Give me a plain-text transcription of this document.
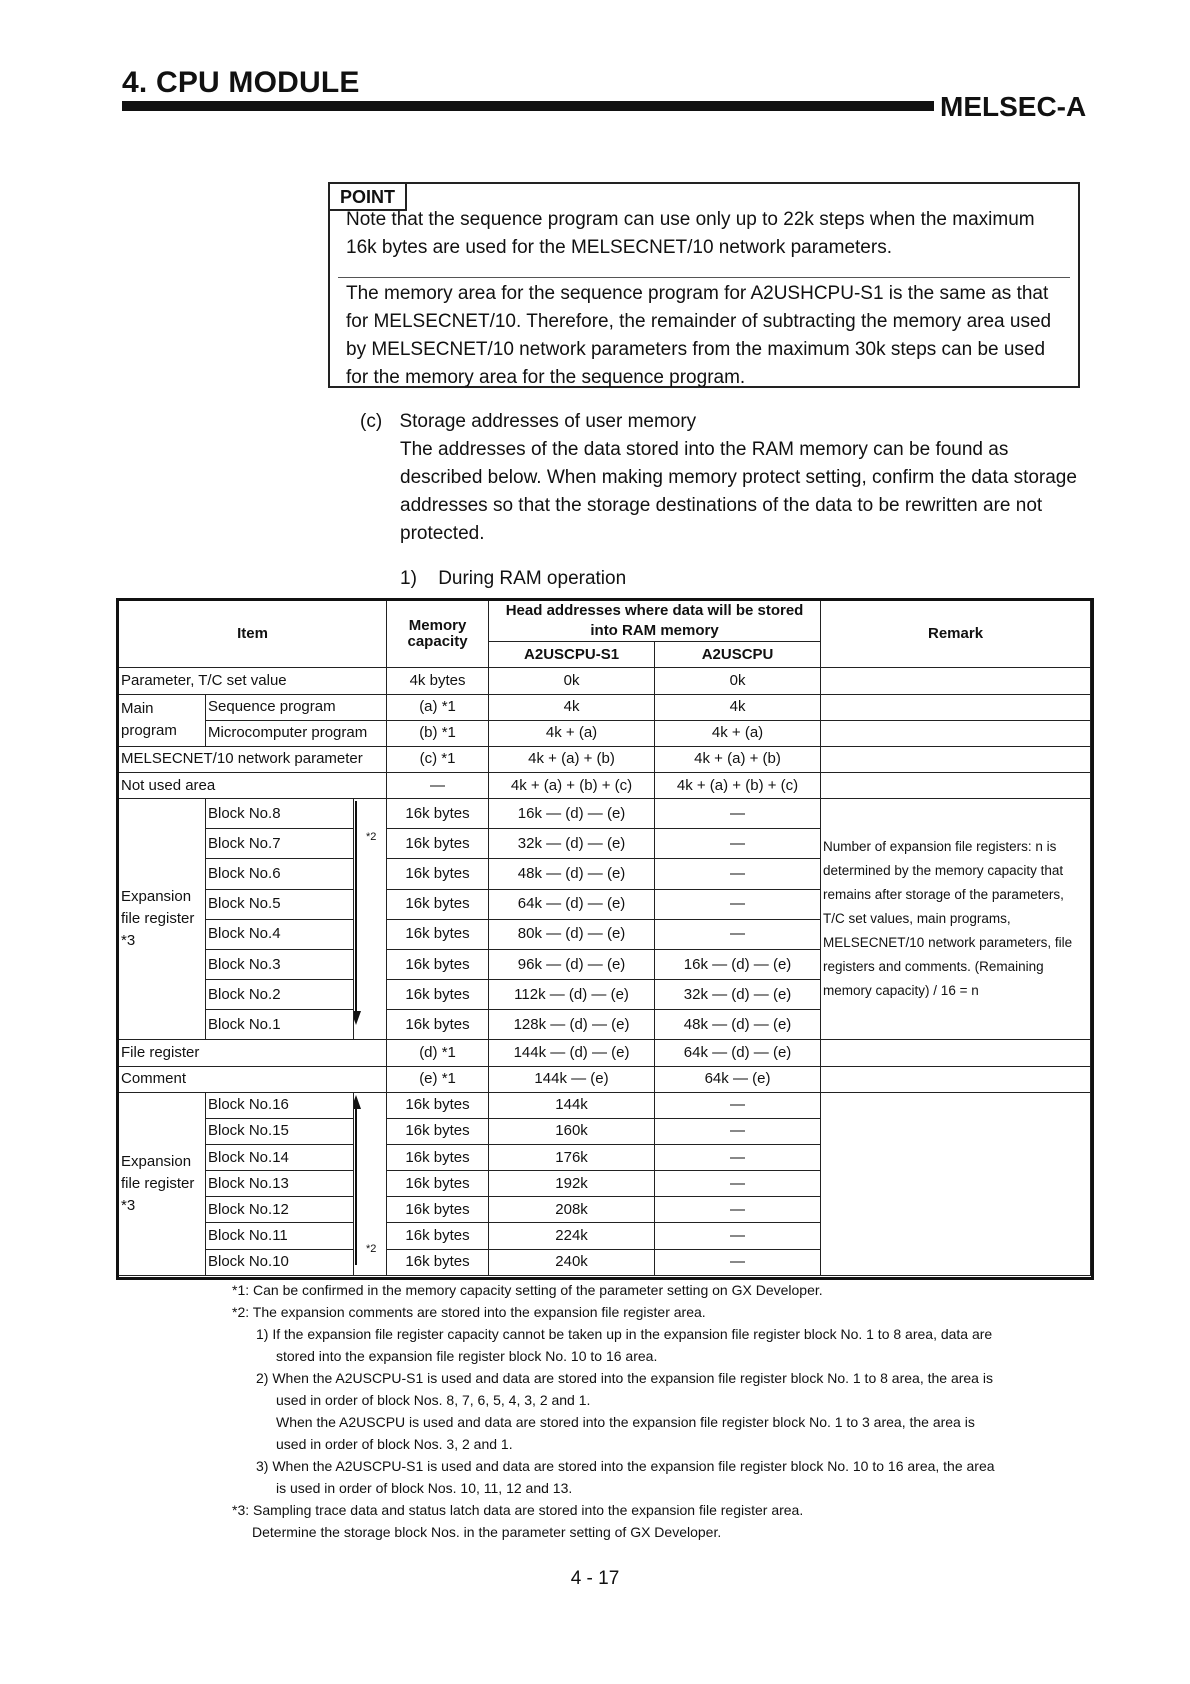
4. CPU MODULE
MELSEC-A
POINT
Note that the sequence program can use only up to 22k steps when the maximum 16k bytes are used for the MELSECNET/10 network parameters.
The memory area for the sequence program for A2USHCPU-S1 is the same as that for MELSECNET/10. Therefore, the remainder of subtracting the memory area used by MELSECNET/10 network parameters from the maximum 30k steps can be used for the memory area for the sequence program.
(c) Storage addresses of user memory
The addresses of the data stored into the RAM memory can be found as described below. When making memory protect setting, confirm the data storage addresses so that the storage destinations of the data to be rewritten are not protected.
1) During RAM operation
Item			Memory capacity	Head addresses where data will be stored into RAM memory		Remark
				A2USCPU-S1	A2USCPU	
Parameter, T/C set value			4k bytes	0k	0k	
Main program	Sequence program		(a) *1	4k	4k	
	Microcomputer program		(b) *1	4k + (a)	4k + (a)	
MELSECNET/10 network parameter			(c) *1	4k + (a) + (b)	4k + (a) + (b)	
Not used area			—	4k + (a) + (b) + (c)	4k + (a) + (b) + (c)	
Expansion file register *3	Block No.8	*2	16k bytes	16k — (d) — (e)	—	Number of expansion file registers: n is determined by the memory capacity that remains after storage of the parameters, T/C set values, main programs, MELSECNET/10 network parameters, file registers and comments. (Remaining memory capacity) / 16 = n
	Block No.7		16k bytes	32k — (d) — (e)	—	
	Block No.6		16k bytes	48k — (d) — (e)	—	
	Block No.5		16k bytes	64k — (d) — (e)	—	
	Block No.4		16k bytes	80k — (d) — (e)	—	
	Block No.3		16k bytes	96k — (d) — (e)	16k — (d) — (e)	
	Block No.2		16k bytes	112k — (d) — (e)	32k — (d) — (e)	
	Block No.1		16k bytes	128k — (d) — (e)	48k — (d) — (e)	
File register			(d) *1	144k — (d) — (e)	64k — (d) — (e)	
Comment			(e) *1	144k — (e)	64k — (e)	
Expansion file register *3	Block No.16	*2	16k bytes	144k	—	
	Block No.15		16k bytes	160k	—	
	Block No.14		16k bytes	176k	—	
	Block No.13		16k bytes	192k	—	
	Block No.12		16k bytes	208k	—	
	Block No.11		16k bytes	224k	—	
	Block No.10		16k bytes	240k	—	
*1: Can be confirmed in the memory capacity setting of the parameter setting on GX Developer.
*2: The expansion comments are stored into the expansion file register area.
1) If the expansion file register capacity cannot be taken up in the expansion file register block No. 1 to 8 area, data are
stored into the expansion file register block No. 10 to 16 area.
2) When the A2USCPU-S1 is used and data are stored into the expansion file register block No. 1 to 8 area, the area is
used in order of block Nos. 8, 7, 6, 5, 4, 3, 2 and 1.
When the A2USCPU is used and data are stored into the expansion file register block No. 1 to 3 area, the area is
used in order of block Nos. 3, 2 and 1.
3) When the A2USCPU-S1 is used and data are stored into the expansion file register block No. 10 to 16 area, the area
is used in order of block Nos. 10, 11, 12 and 13.
*3: Sampling trace data and status latch data are stored into the expansion file register area.
Determine the storage block Nos. in the parameter setting of GX Developer.
4 - 17
